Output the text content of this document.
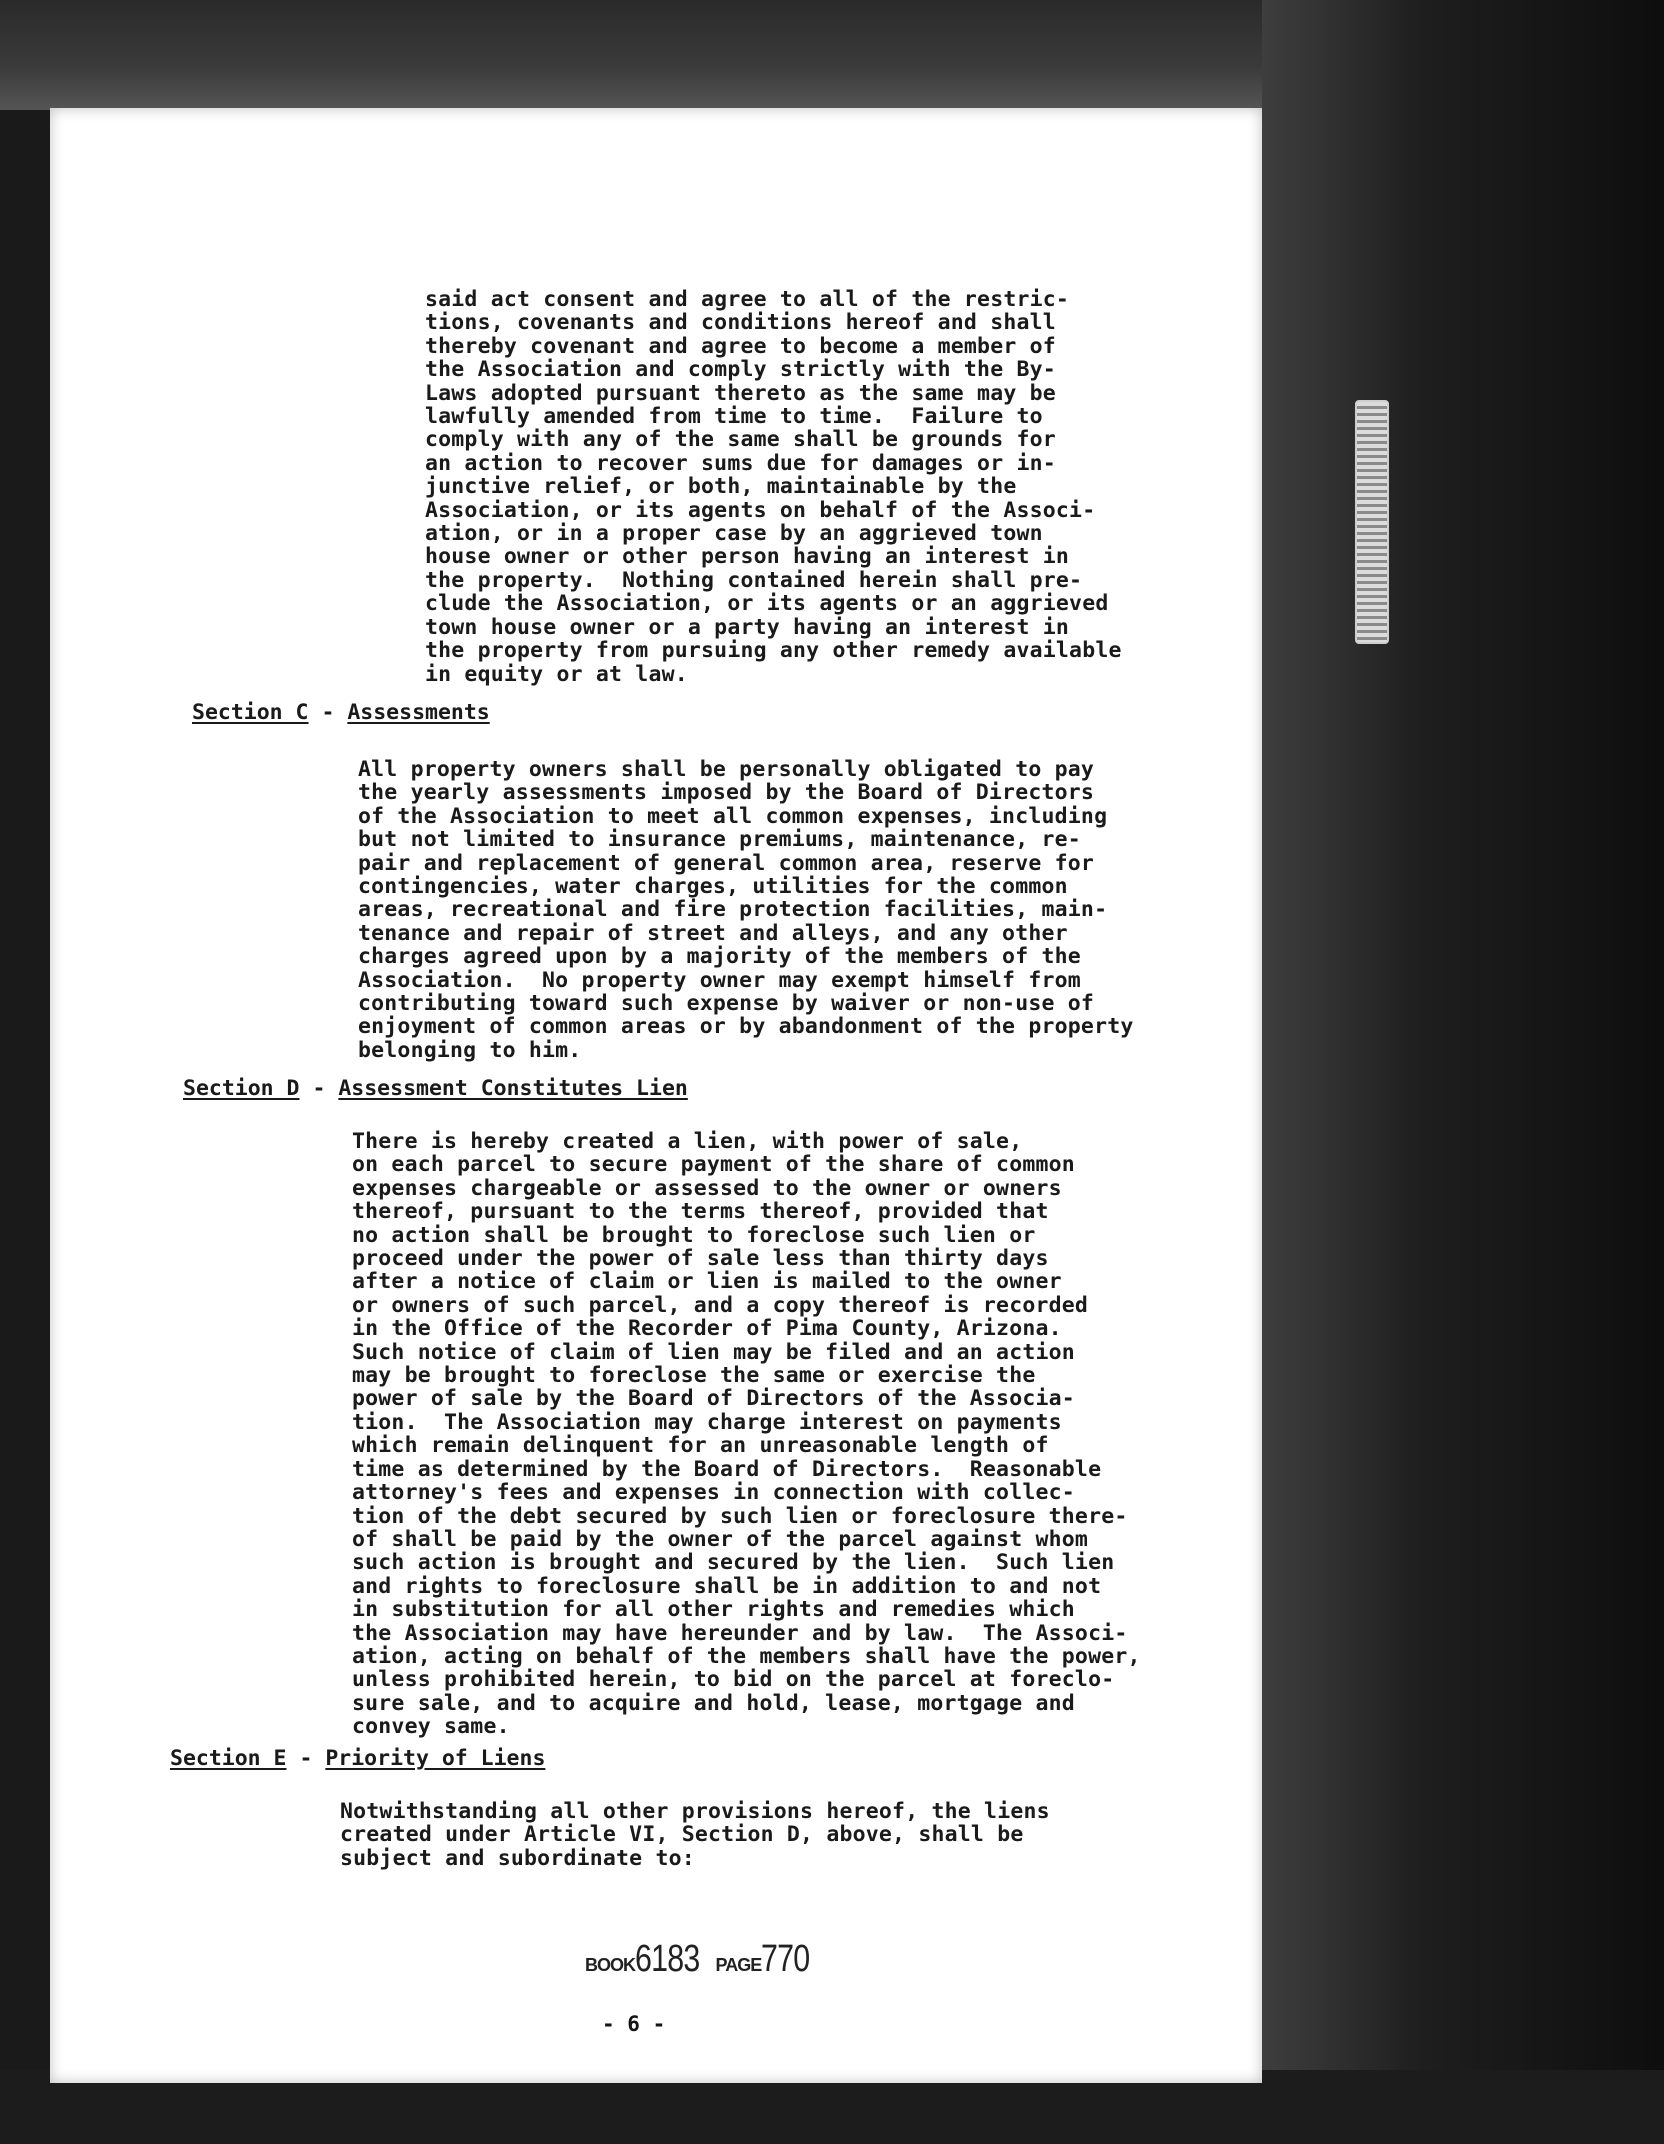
said act consent and agree to all of the restric-
tions, covenants and conditions hereof and shall
thereby covenant and agree to become a member of
the Association and comply strictly with the By-
Laws adopted pursuant thereto as the same may be
lawfully amended from time to time.  Failure to
comply with any of the same shall be grounds for
an action to recover sums due for damages or in-
junctive relief, or both, maintainable by the
Association, or its agents on behalf of the Associ-
ation, or in a proper case by an aggrieved town
house owner or other person having an interest in
the property.  Nothing contained herein shall pre-
clude the Association, or its agents or an aggrieved
town house owner or a party having an interest in
the property from pursuing any other remedy available
in equity or at law.
Section C - Assessments
All property owners shall be personally obligated to pay
the yearly assessments imposed by the Board of Directors
of the Association to meet all common expenses, including
but not limited to insurance premiums, maintenance, re-
pair and replacement of general common area, reserve for
contingencies, water charges, utilities for the common
areas, recreational and fire protection facilities, main-
tenance and repair of street and alleys, and any other
charges agreed upon by a majority of the members of the
Association.  No property owner may exempt himself from
contributing toward such expense by waiver or non-use of
enjoyment of common areas or by abandonment of the property
belonging to him.
Section D - Assessment Constitutes Lien
There is hereby created a lien, with power of sale,
on each parcel to secure payment of the share of common
expenses chargeable or assessed to the owner or owners
thereof, pursuant to the terms thereof, provided that
no action shall be brought to foreclose such lien or
proceed under the power of sale less than thirty days
after a notice of claim or lien is mailed to the owner
or owners of such parcel, and a copy thereof is recorded
in the Office of the Recorder of Pima County, Arizona.
Such notice of claim of lien may be filed and an action
may be brought to foreclose the same or exercise the
power of sale by the Board of Directors of the Associa-
tion.  The Association may charge interest on payments
which remain delinquent for an unreasonable length of
time as determined by the Board of Directors.  Reasonable
attorney's fees and expenses in connection with collec-
tion of the debt secured by such lien or foreclosure there-
of shall be paid by the owner of the parcel against whom
such action is brought and secured by the lien.  Such lien
and rights to foreclosure shall be in addition to and not
in substitution for all other rights and remedies which
the Association may have hereunder and by law.  The Associ-
ation, acting on behalf of the members shall have the power,
unless prohibited herein, to bid on the parcel at foreclo-
sure sale, and to acquire and hold, lease, mortgage and
convey same.
Section E - Priority of Liens
Notwithstanding all other provisions hereof, the liens
created under Article VI, Section D, above, shall be
subject and subordinate to:
BOOK6183 PAGE770
- 6 -
